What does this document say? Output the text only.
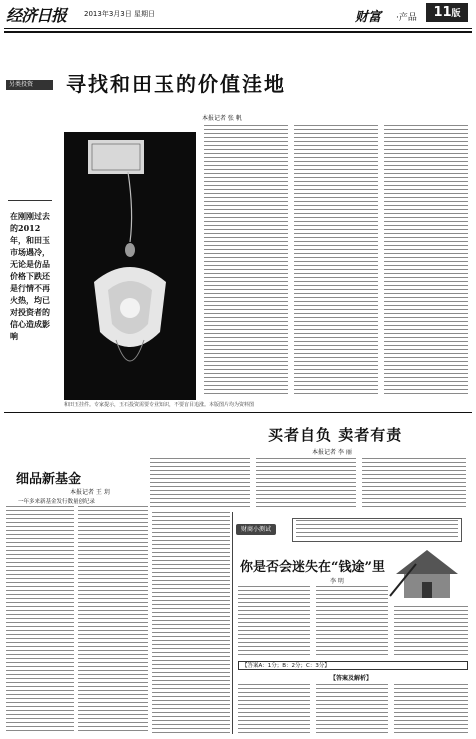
经济日报	2013年3月3日 星期日	财富 ·产品	11版
另类投资	寻找和田玉的价值洼地
本报记者 张 帆
在刚刚过去的2012年，和田玉市场遇冷，无论是仿品价格下跌还是行情不再火热，均已对投资者的信心造成影响
和田玉挂件。专家提示，玉石投资需要专业知识，不要盲目追涨。本版图片均为资料图
买者自负 卖者有责
本报记者 李 丽
细品新基金
本报记者 王 玥
一年多来新基金发行数量创纪录
财商小测试
你是否会迷失在“钱途”里
李 明
【答案A：1分；B：2分；C：3分】
【答案及解析】
